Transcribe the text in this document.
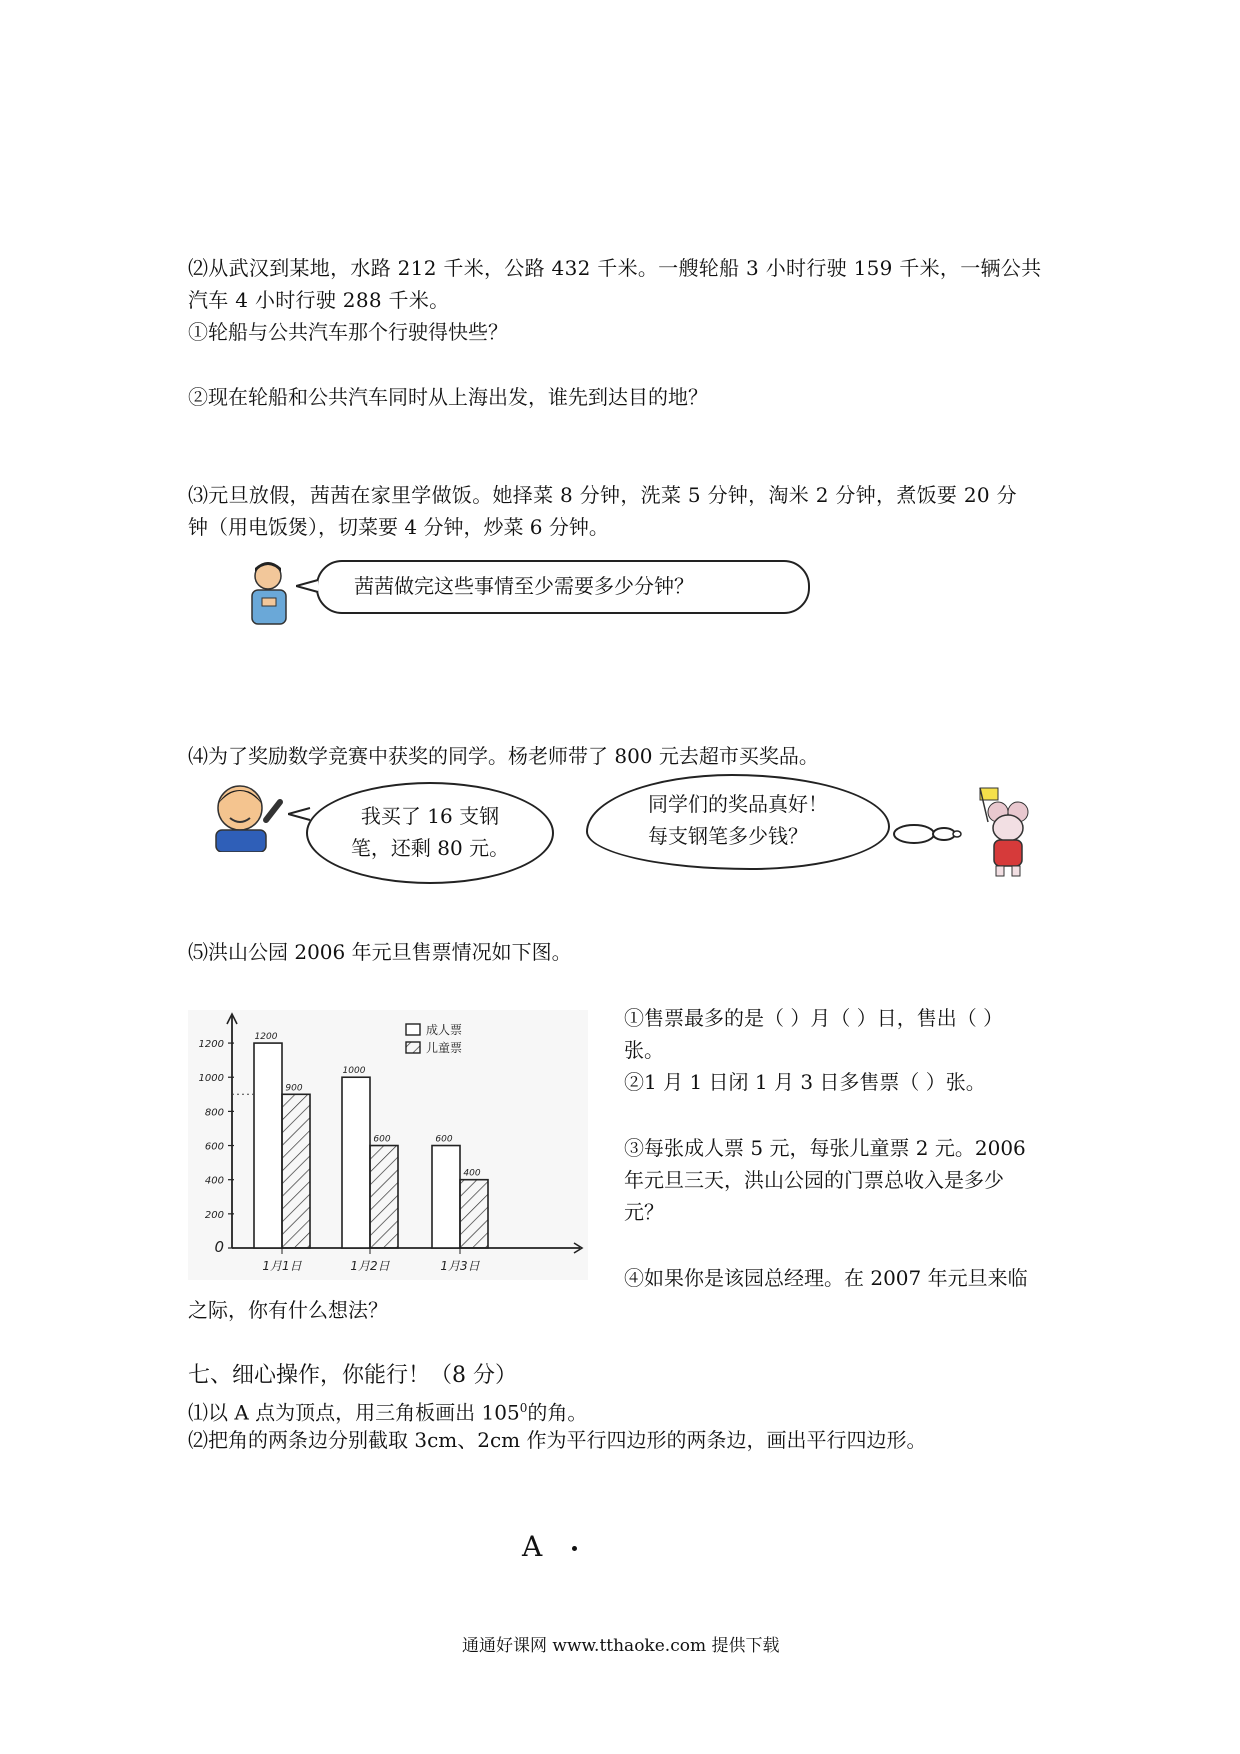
⑵从武汉到某地，水路 212 千米，公路 432 千米。一艘轮船 3 小时行驶 159 千米，一辆公共
汽车 4 小时行驶 288 千米。
①轮船与公共汽车那个行驶得快些？
②现在轮船和公共汽车同时从上海出发，谁先到达目的地？
⑶元旦放假，茜茜在家里学做饭。她择菜 8 分钟，洗菜 5 分钟，淘米 2 分钟，煮饭要 20 分
钟（用电饭煲），切菜要 4 分钟，炒菜 6 分钟。
茜茜做完这些事情至少需要多少分钟？
⑷为了奖励数学竞赛中获奖的同学。杨老师带了 800 元去超市买奖品。
我买了 16 支钢
笔，还剩 80 元。
同学们的奖品真好！
每支钢笔多少钱？
⑸洪山公园 2006 年元旦售票情况如下图。
0
200
400
600
800
1000
1200
1200
900
1月1日
1000
600
1月2日
600
400
1月3日
成人票
儿童票
①售票最多的是（ ）月（ ）日，售出（ ）
张。
②1 月 1 日闭 1 月 3 日多售票（ ）张。
③每张成人票 5 元，每张儿童票 2 元。2006
年元旦三天，洪山公园的门票总收入是多少
元？
④如果你是该园总经理。在 2007 年元旦来临
之际，你有什么想法？
七、细心操作，你能行！（8 分）
⑴以 A 点为顶点，用三角板画出 $105^0$的角。
⑵把角的两条边分别截取 3cm、2cm 作为平行四边形的两条边，画出平行四边形。
A
通通好课网 www.tthaoke.com 提供下载
